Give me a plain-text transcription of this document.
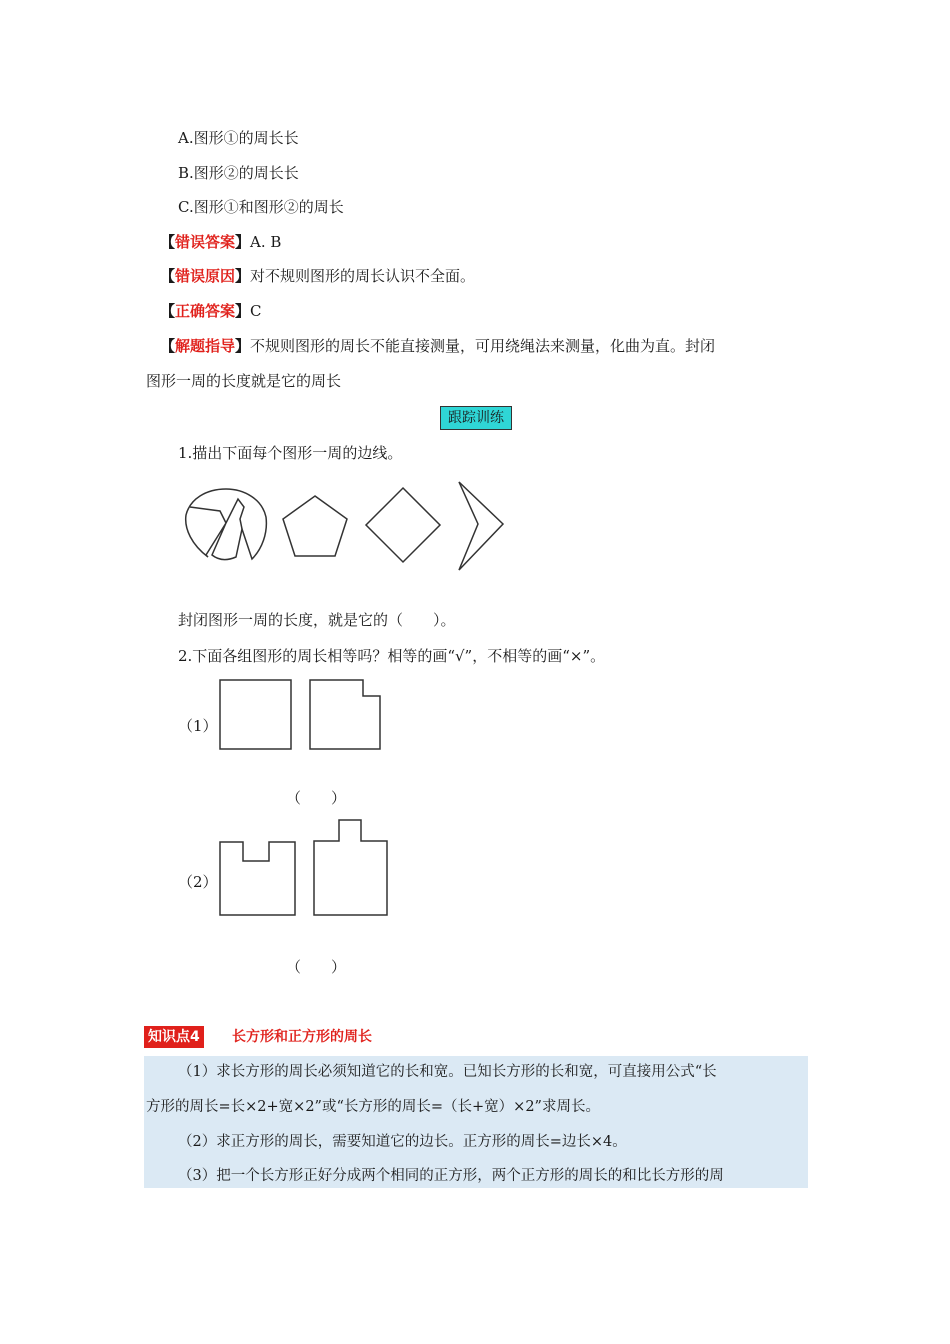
A.图形①的周长长
B.图形②的周长长
C.图形①和图形②的周长
【错误答案】A. B
【错误原因】对不规则图形的周长认识不全面。
【正确答案】C
【解题指导】不规则图形的周长不能直接测量，可用绕绳法来测量，化曲为直。封闭
图形一周的长度就是它的周长
跟踪训练
1.描出下面每个图形一周的边线。
封闭图形一周的长度，就是它的（　　）。
2.下面各组图形的周长相等吗？相等的画“√”，不相等的画“×”。
（1）
（　　）
（2）
（　　）
知识点4 长方形和正方形的周长
（1）求长方形的周长必须知道它的长和宽。已知长方形的长和宽，可直接用公式“长
方形的周长=长×2+宽×2”或“长方形的周长=（长+宽）×2”求周长。
（2）求正方形的周长，需要知道它的边长。正方形的周长=边长×4。
（3）把一个长方形正好分成两个相同的正方形，两个正方形的周长的和比长方形的周
